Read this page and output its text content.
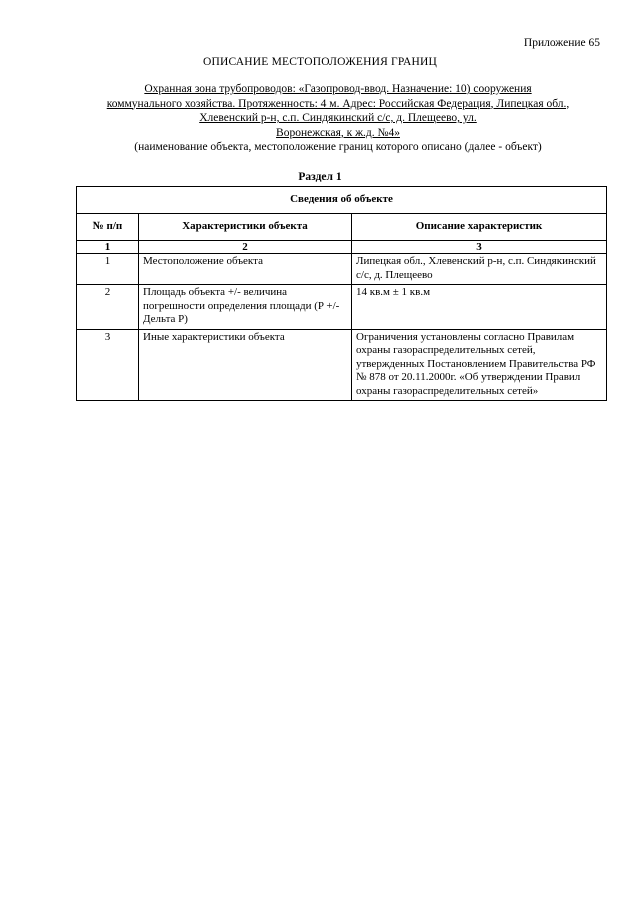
Приложение 65
ОПИСАНИЕ МЕСТОПОЛОЖЕНИЯ ГРАНИЦ
Охранная зона трубопроводов: «Газопровод-ввод. Назначение: 10) сооружения
коммунального хозяйства. Протяженность: 4 м. Адрес: Российская Федерация, Липецкая обл.,
Хлевенский р-н, с.п. Синдякинский с/с, д. Плещеево, ул.
Воронежская, к ж.д. №4»
(наименование объекта, местоположение границ которого описано (далее - объект)
Раздел 1
Сведения об объекте		
№ п/п	Характеристики объекта	Описание характеристик
1	2	3
1	Местоположение объекта	Липецкая обл., Хлевенский р-н, с.п. Синдякинский с/с, д. Плещеево
2	Площадь объекта +/- величина погрешности определения площади (P +/- Дельта P)	14 кв.м ± 1 кв.м
3	Иные характеристики объекта	Ограничения установлены согласно Правилам охраны газораспределительных сетей, утвержденных Постановлением Правительства РФ № 878 от 20.11.2000г. «Об утверждении Правил охраны газораспределительных сетей»
